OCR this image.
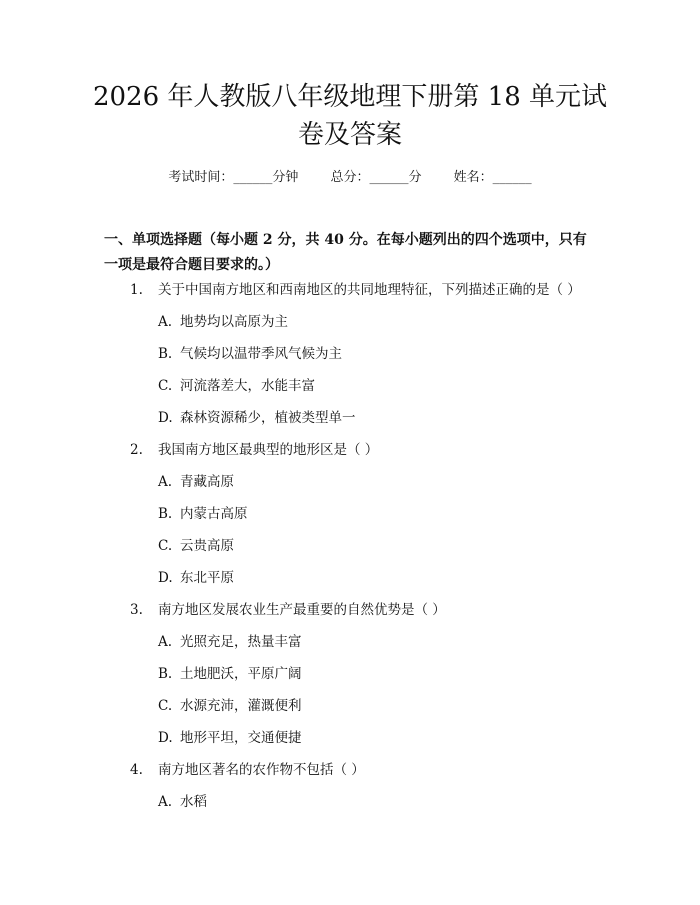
2026 年人教版八年级地理下册第 18 单元试卷及答案
考试时间：______分钟 总分：______分 姓名：______

一、单项选择题（每小题 2 分，共 40 分。在每小题列出的四个选项中，只有一项是最符合题目要求的。）

1. 关于中国南方地区和西南地区的共同地理特征，下列描述正确的是（ ）
A. 地势均以高原为主
B. 气候均以温带季风气候为主
C. 河流落差大，水能丰富
D. 森林资源稀少，植被类型单一
2. 我国南方地区最典型的地形区是（ ）
A. 青藏高原
B. 内蒙古高原
C. 云贵高原
D. 东北平原
3. 南方地区发展农业生产最重要的自然优势是（ ）
A. 光照充足，热量丰富
B. 土地肥沃，平原广阔
C. 水源充沛，灌溉便利
D. 地形平坦，交通便捷
4. 南方地区著名的农作物不包括（ ）
A. 水稻
